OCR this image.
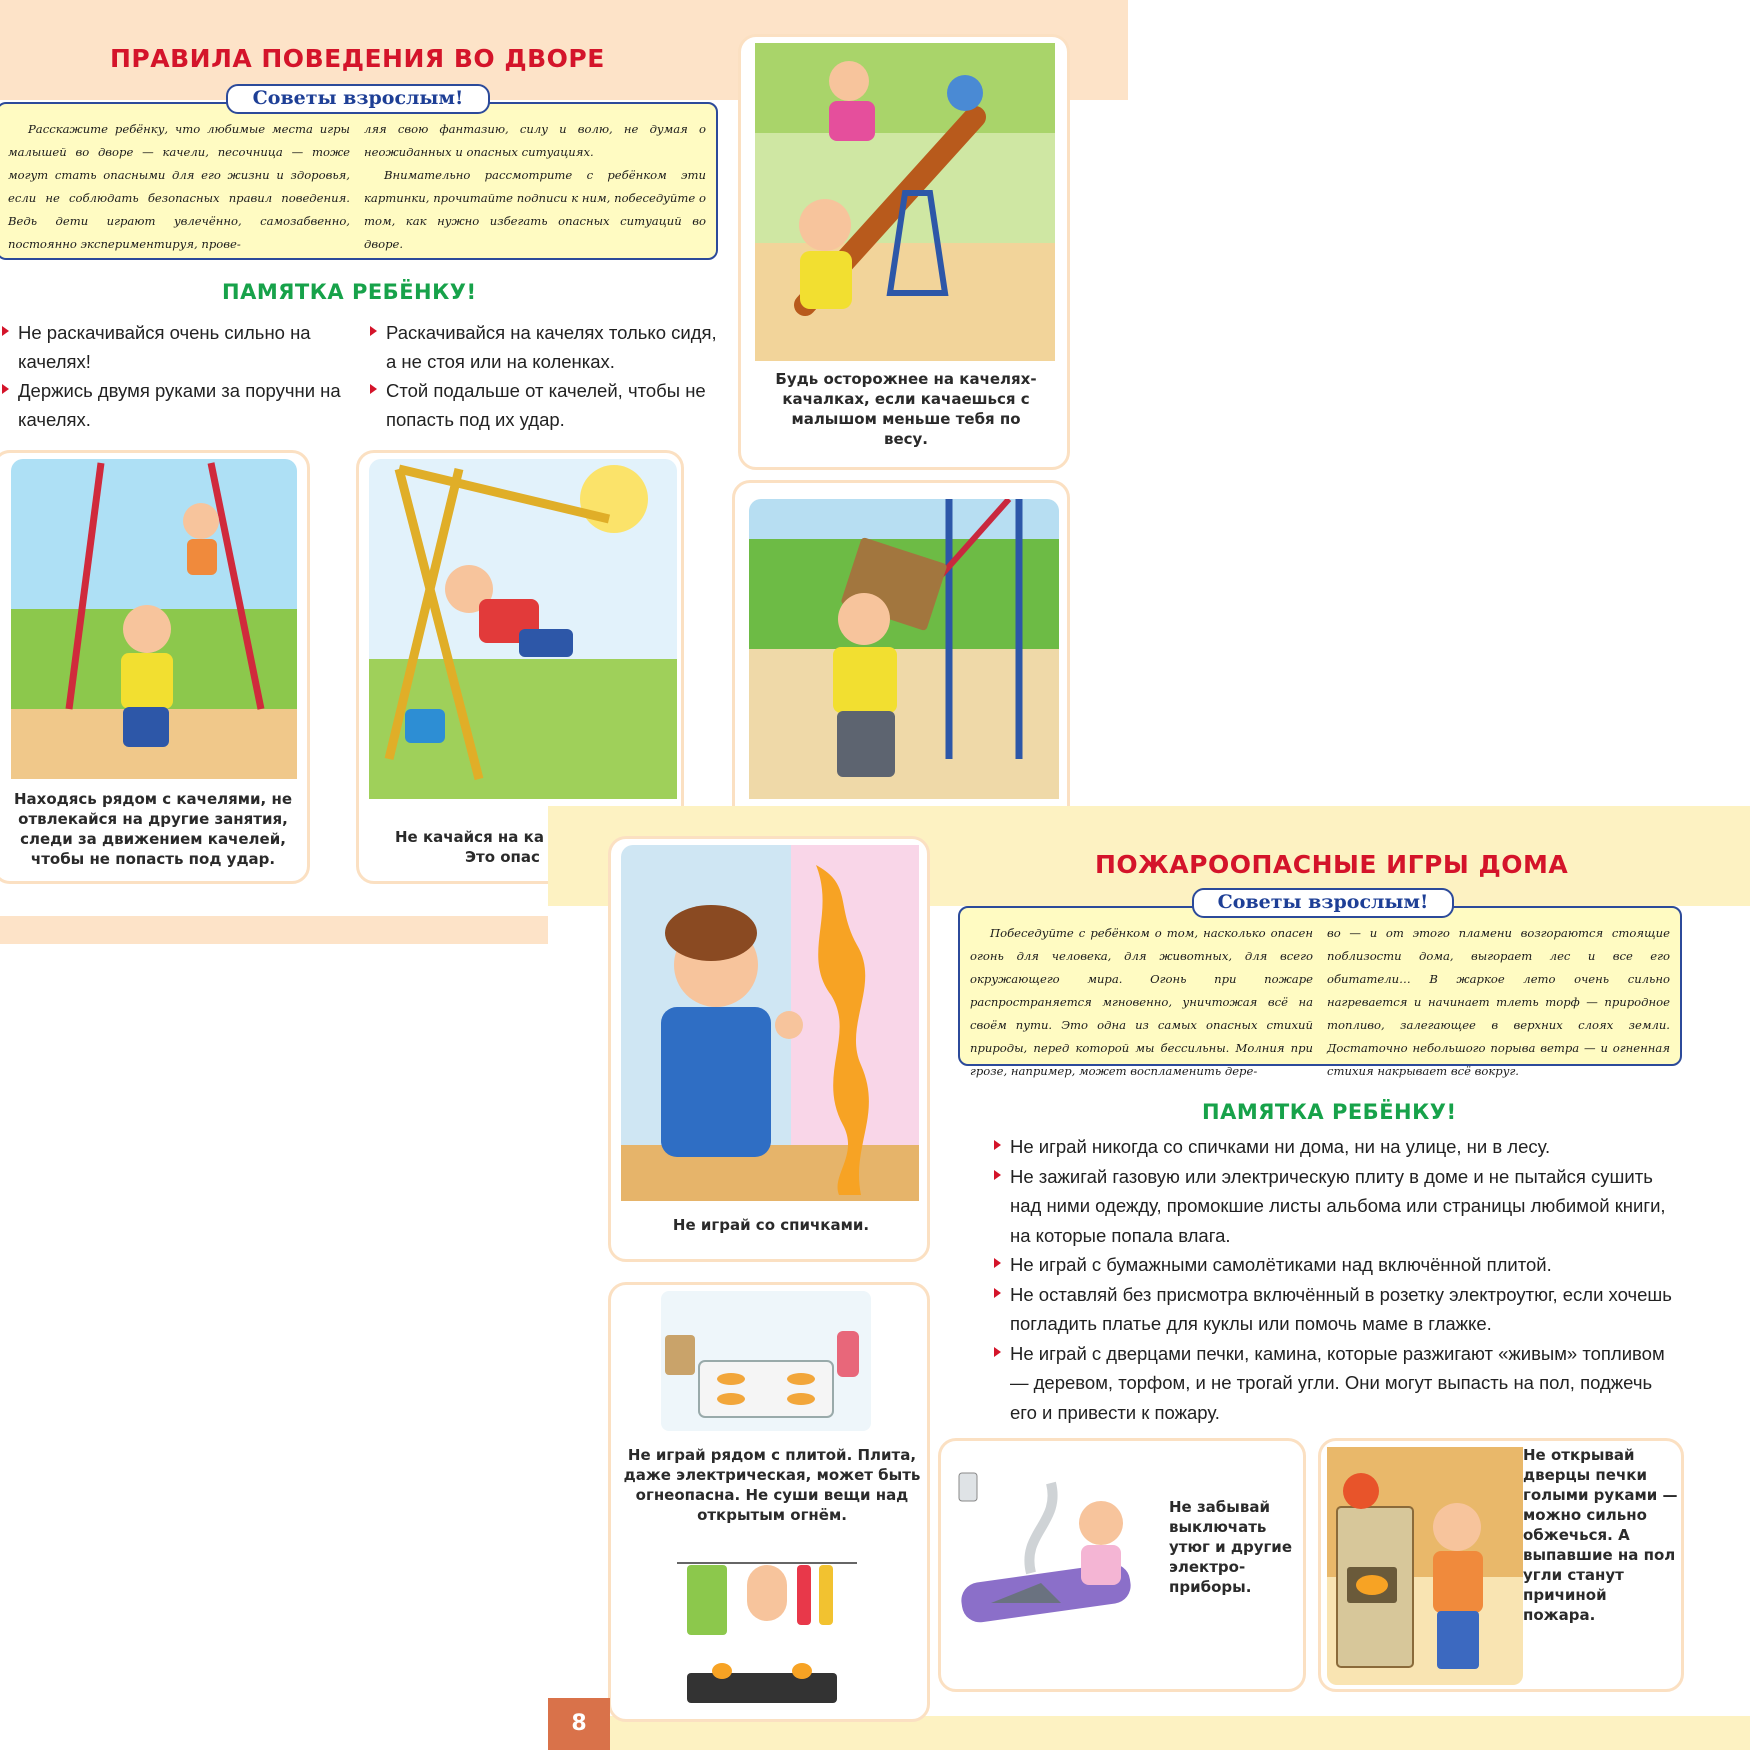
ПРАВИЛА ПОВЕДЕНИЯ ВО ДВОРЕ
Советы взрослым!

Расскажите ребёнку, что любимые места игры малышей во дворе — качели, песочница — тоже могут стать опасными для его жизни и здоровья, если не соблюдать безопасных правил поведения. Ведь дети играют увлечённо, самозабвенно, постоянно экспериментируя, прове-

ляя свою фантазию, силу и волю, не думая о неожиданных и опасных ситуациях.

Внимательно рассмотрите с ребёнком эти картинки, прочитайте подписи к ним, побеседуйте о том, как нужно избегать опасных ситуаций во дворе.

ПАМЯТКА РЕБЁНКУ!
Не раскачивайся очень сильно на качелях!
Держись двумя руками за поручни на качелях.
Раскачивайся на качелях только сидя, а не стоя или на коленках.
Стой подальше от качелей, чтобы не попасть под их удар.
Будь осторожнее на качелях-качалках, если качаешься с малышом меньше тебя по весу.
Находясь рядом с качелями, не отвлекайся на другие занятия, следи за движением качелей, чтобы не попасть под удар.
Не качайся на ка
Это опас	ПОЖАРООПАСНЫЕ ИГРЫ ДОМА
Советы взрослым!

Побеседуйте с ребёнком о том, насколько опасен огонь для человека, для животных, для всего окружающего мира. Огонь при пожаре распространяется мгновенно, уничтожая всё на своём пути. Это одна из самых опасных стихий природы, перед которой мы бессильны. Молния при грозе, например, может воспламенить дере-

во — и от этого пламени возгораются стоящие поблизости дома, выгорает лес и все его обитатели… В жаркое лето очень сильно нагревается и начинает тлеть торф — природное топливо, залегающее в верхних слоях земли. Достаточно небольшого порыва ветра — и огненная стихия накрывает всё вокруг.

ПАМЯТКА РЕБЁНКУ!
Не играй никогда со спичками ни дома, ни на улице, ни в лесу.
Не зажигай газовую или электрическую плиту в доме и не пытайся сушить над ними одежду, промокшие листы альбома или страницы любимой книги, на которые попала влага.
Не играй с бумажными самолётиками над включённой плитой.
Не оставляй без присмотра включённый в розетку электроутюг, если хочешь погладить платье для куклы или помочь маме в глажке.
Не играй с дверцами печки, камина, которые разжигают «живым» топливом — деревом, торфом, и не трогай угли. Они могут выпасть на пол, поджечь его и привести к пожару.
Не играй со спичками.
Не играй рядом с плитой. Плита, даже электрическая, может быть огнеопасна. Не суши вещи над открытым огнём.	Не забывай выключать утюг и другие электро- приборы.
Не открывай дверцы печки голыми руками — можно сильно обжечься. А выпавшие на пол угли станут причиной пожара.
8
